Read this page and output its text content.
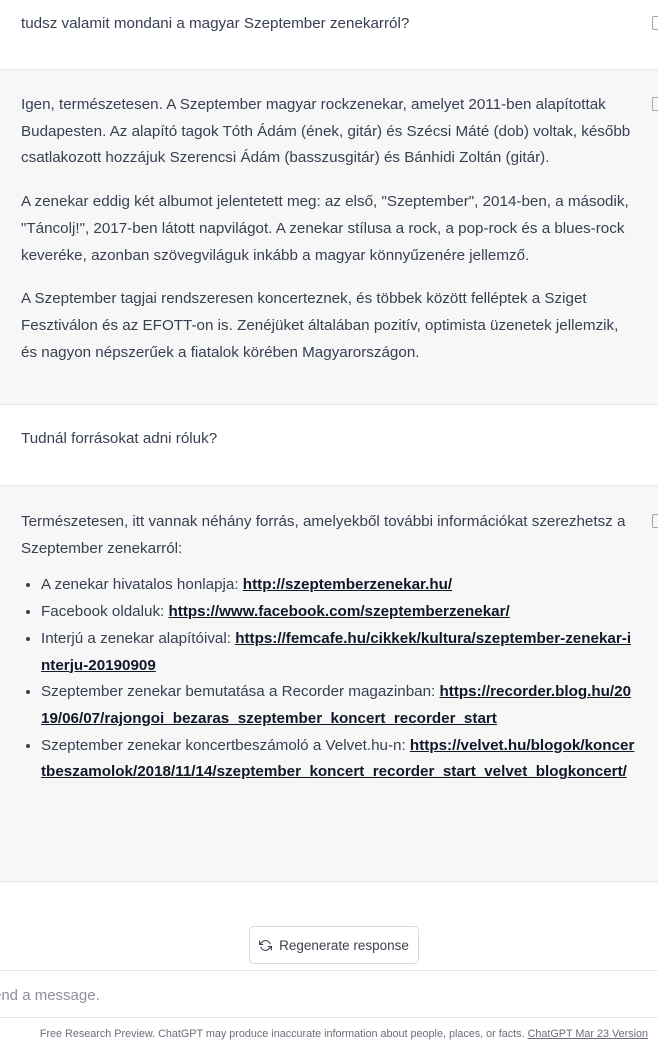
tudsz valamit mondani a magyar Szeptember zenekarról?

Igen, természetesen. A Szeptember magyar rockzenekar, amelyet 2011-ben alapítottak Budapesten. Az alapító tagok Tóth Ádám (ének, gitár) és Szécsi Máté (dob) voltak, később csatlakozott hozzájuk Szerencsi Ádám (basszusgitár) és Bánhidi Zoltán (gitár).

A zenekar eddig két albumot jelentetett meg: az első, "Szeptember", 2014-ben, a második, "Táncolj!", 2017-ben látott napvilágot. A zenekar stílusa a rock, a pop-rock és a blues-rock keveréke, azonban szövegviláguk inkább a magyar könnyűzenére jellemző.

A Szeptember tagjai rendszeresen koncerteznek, és többek között felléptek a Sziget Fesztiválon és az EFOTT-on is. Zenéjüket általában pozitív, optimista üzenetek jellemzik, és nagyon népszerűek a fiatalok körében Magyarországon.

Tudnál forrásokat adni róluk?
Természetesen, itt vannak néhány forrás, amelyekből további információkat szerezhetsz a Szeptember zenekarról:
A zenekar hivatalos honlapja: http://szeptemberzenekar.hu/
Facebook oldaluk: https://www.facebook.com/szeptemberzenekar/
Interjú a zenekar alapítóival: https://femcafe.hu/cikkek/kultura/szeptember-zenekar-interju-20190909
Szeptember zenekar bemutatása a Recorder magazinban: https://recorder.blog.hu/2019/06/07/rajongoi_bezaras_szeptember_koncert_recorder_start
Szeptember zenekar koncertbeszámoló a Velvet.hu-n: https://velvet.hu/blogok/koncertbeszamolok/2018/11/14/szeptember_koncert_recorder_start_velvet_blogkoncert/
Regenerate response
end a message.
Free Research Preview. ChatGPT may produce inaccurate information about people, places, or facts. ChatGPT Mar 23 Version
